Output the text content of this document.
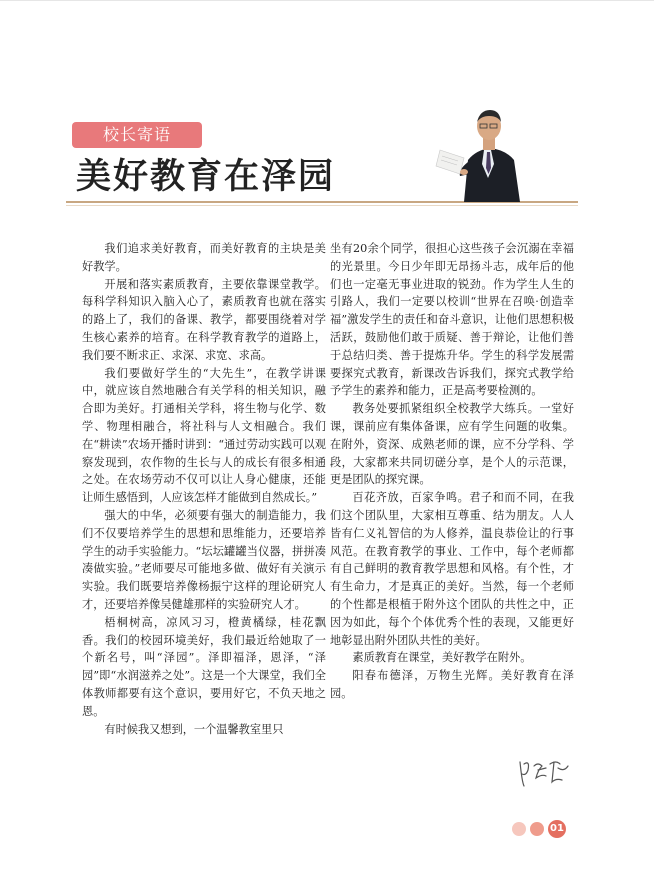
校长寄语
美好教育在泽园

我们追求美好教育，而美好教育的主块是美好教学。

开展和落实素质教育，主要依靠课堂教学。每科学科知识入脑入心了，素质教育也就在落实的路上了，我们的备课、教学，都要围绕着对学生核心素养的培育。在科学教育教学的道路上，我们要不断求正、求深、求宽、求高。

我们要做好学生的“大先生”，在教学讲课中，就应该自然地融合有关学科的相关知识，融合即为美好。打通相关学科，将生物与化学、数学、物理相融合，将社科与人文相融合。我们在“耕读”农场开播时讲到：“通过劳动实践可以观察发现到，农作物的生长与人的成长有很多相通之处。在农场劳动不仅可以让人身心健康，还能让师生感悟到，人应该怎样才能做到自然成长。”

强大的中华，必须要有强大的制造能力，我们不仅要培养学生的思想和思维能力，还要培养学生的动手实验能力。“坛坛罐罐当仪器，拼拼凑凑做实验。”老师要尽可能地多做、做好有关演示实验。我们既要培养像杨振宁这样的理论研究人才，还要培养像吴健雄那样的实验研究人才。

梧桐树高，凉风习习，橙黄橘绿，桂花飘香。我们的校园环境美好，我们最近给她取了一个新名号，叫“泽园”。泽即福泽，恩泽，“泽园”即“水润滋养之处”。这是一个大课堂，我们全体教师都要有这个意识，要用好它，不负天地之恩。

有时候我又想到，一个温馨教室里只

坐有20余个同学，很担心这些孩子会沉溺在幸福的光景里。今日少年即无昂扬斗志，成年后的他们也一定毫无事业进取的锐劲。作为学生人生的引路人，我们一定要以校训“世界在召唤·创造幸福”激发学生的责任和奋斗意识，让他们思想积极活跃，鼓励他们敢于质疑、善于辩论，让他们善于总结归类、善于提炼升华。学生的科学发展需要探究式教育，新课改告诉我们，探究式教学给予学生的素养和能力，正是高考要检测的。

教务处要抓紧组织全校教学大练兵。一堂好课，课前应有集体备课，应有学生问题的收集。在附外，资深、成熟老师的课，应不分学科、学段，大家都来共同切磋分享，是个人的示范课，更是团队的探究课。

百花齐放，百家争鸣。君子和而不同，在我们这个团队里，大家相互尊重、结为朋友。人人皆有仁义礼智信的为人修养，温良恭俭让的行事风范。在教育教学的事业、工作中，每个老师都有自己鲜明的教育教学思想和风格。有个性，才有生命力，才是真正的美好。当然，每一个老师的个性都是根植于附外这个团队的共性之中，正因为如此，每个个体优秀个性的表现，又能更好地彰显出附外团队共性的美好。

素质教育在课堂，美好教学在附外。

阳春布德泽，万物生光辉。美好教育在泽园。

01
